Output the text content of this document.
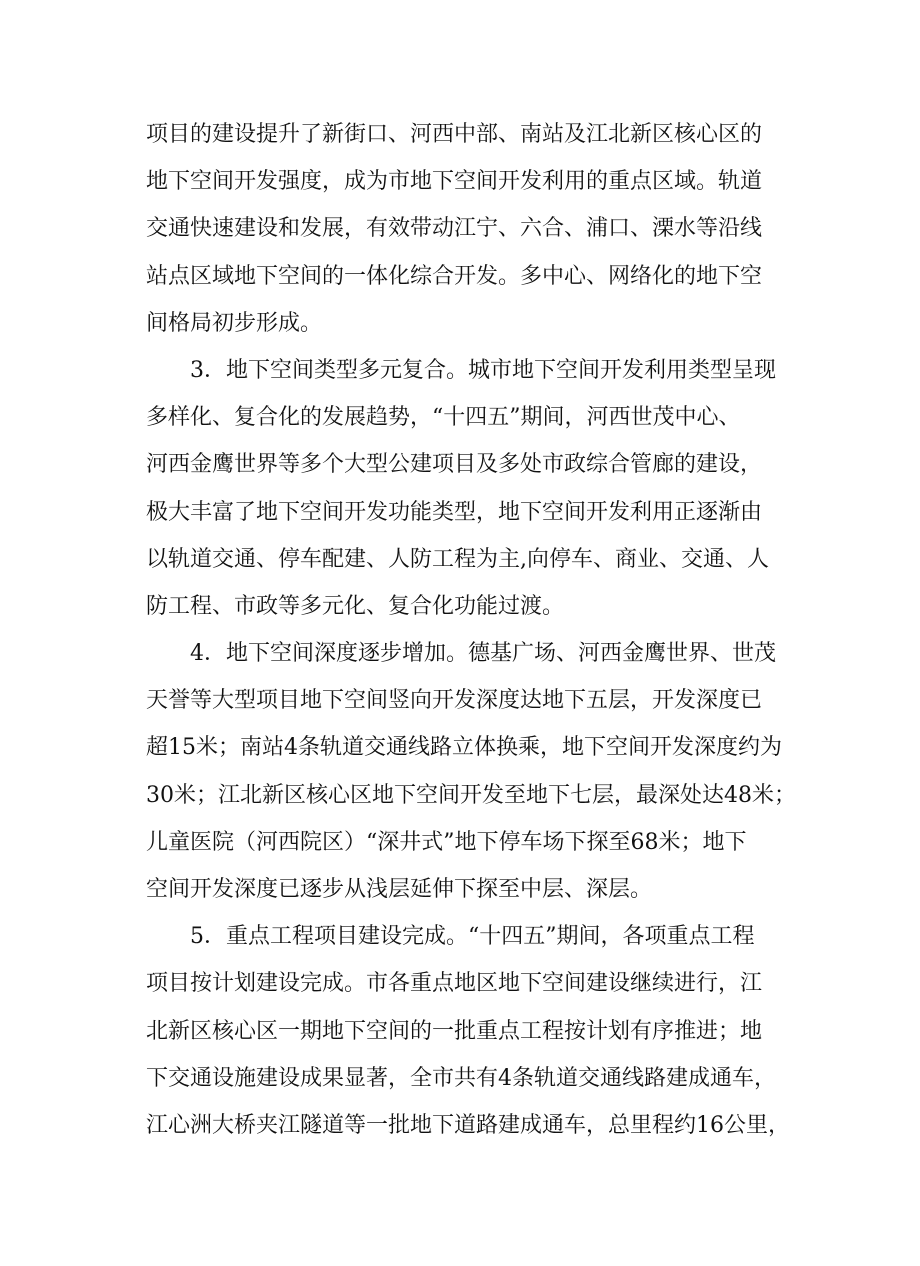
项目的建设提升了新街口、河西中部、南站及江北新区核心区的
地下空间开发强度，成为市地下空间开发利用的重点区域。轨道
交通快速建设和发展，有效带动江宁、六合、浦口、溧水等沿线
站点区域地下空间的一体化综合开发。多中心、网络化的地下空
间格局初步形成。
　　3．地下空间类型多元复合。城市地下空间开发利用类型呈现
多样化、复合化的发展趋势，“十四五”期间，河西世茂中心、
河西金鹰世界等多个大型公建项目及多处市政综合管廊的建设，
极大丰富了地下空间开发功能类型，地下空间开发利用正逐渐由
以轨道交通、停车配建、人防工程为主,向停车、商业、交通、人
防工程、市政等多元化、复合化功能过渡。
　　4．地下空间深度逐步增加。德基广场、河西金鹰世界、世茂
天誉等大型项目地下空间竖向开发深度达地下五层，开发深度已
超15米；南站4条轨道交通线路立体换乘，地下空间开发深度约为
30米；江北新区核心区地下空间开发至地下七层，最深处达48米；
儿童医院（河西院区）“深井式”地下停车场下探至68米；地下
空间开发深度已逐步从浅层延伸下探至中层、深层。
　　5．重点工程项目建设完成。“十四五”期间，各项重点工程
项目按计划建设完成。市各重点地区地下空间建设继续进行，江
北新区核心区一期地下空间的一批重点工程按计划有序推进；地
下交通设施建设成果显著，全市共有4条轨道交通线路建成通车，
江心洲大桥夹江隧道等一批地下道路建成通车，总里程约16公里，
